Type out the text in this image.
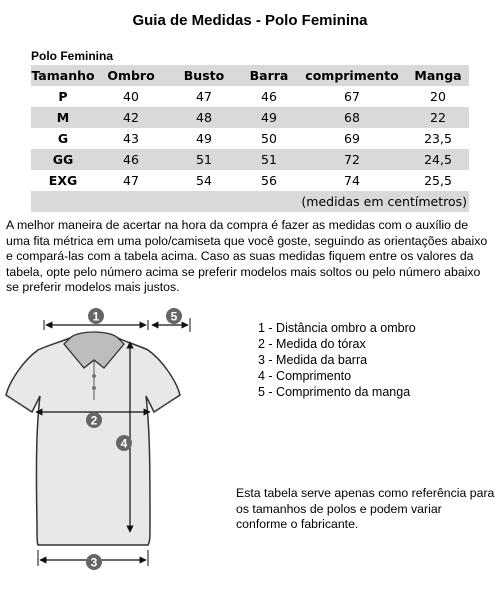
Guia de Medidas - Polo Feminina
Polo Feminina
Tamanho	Ombro	Busto	Barra	comprimento	Manga
P	40	47	46	67	20
M	42	48	49	68	22
G	43	49	50	69	23,5
GG	46	51	51	72	24,5
EXG	47	54	56	74	25,5
(medidas em centímetros)					
A melhor maneira de acertar na hora da compra é fazer as medidas com o auxílio de uma fita métrica em uma polo/camiseta que você goste, seguindo as orientações abaixo e compará-las com a tabela acima. Caso as suas medidas fiquem entre os valores da tabela, opte pelo número acima se preferir modelos mais soltos ou pelo número abaixo se preferir modelos mais justos.
1	5
2
4
3
1 - Distância ombro a ombro
2 - Medida do tórax
3 - Medida da barra
4 - Comprimento
5 - Comprimento da manga
Esta tabela serve apenas como referência para os tamanhos de polos e podem variar conforme o fabricante.
